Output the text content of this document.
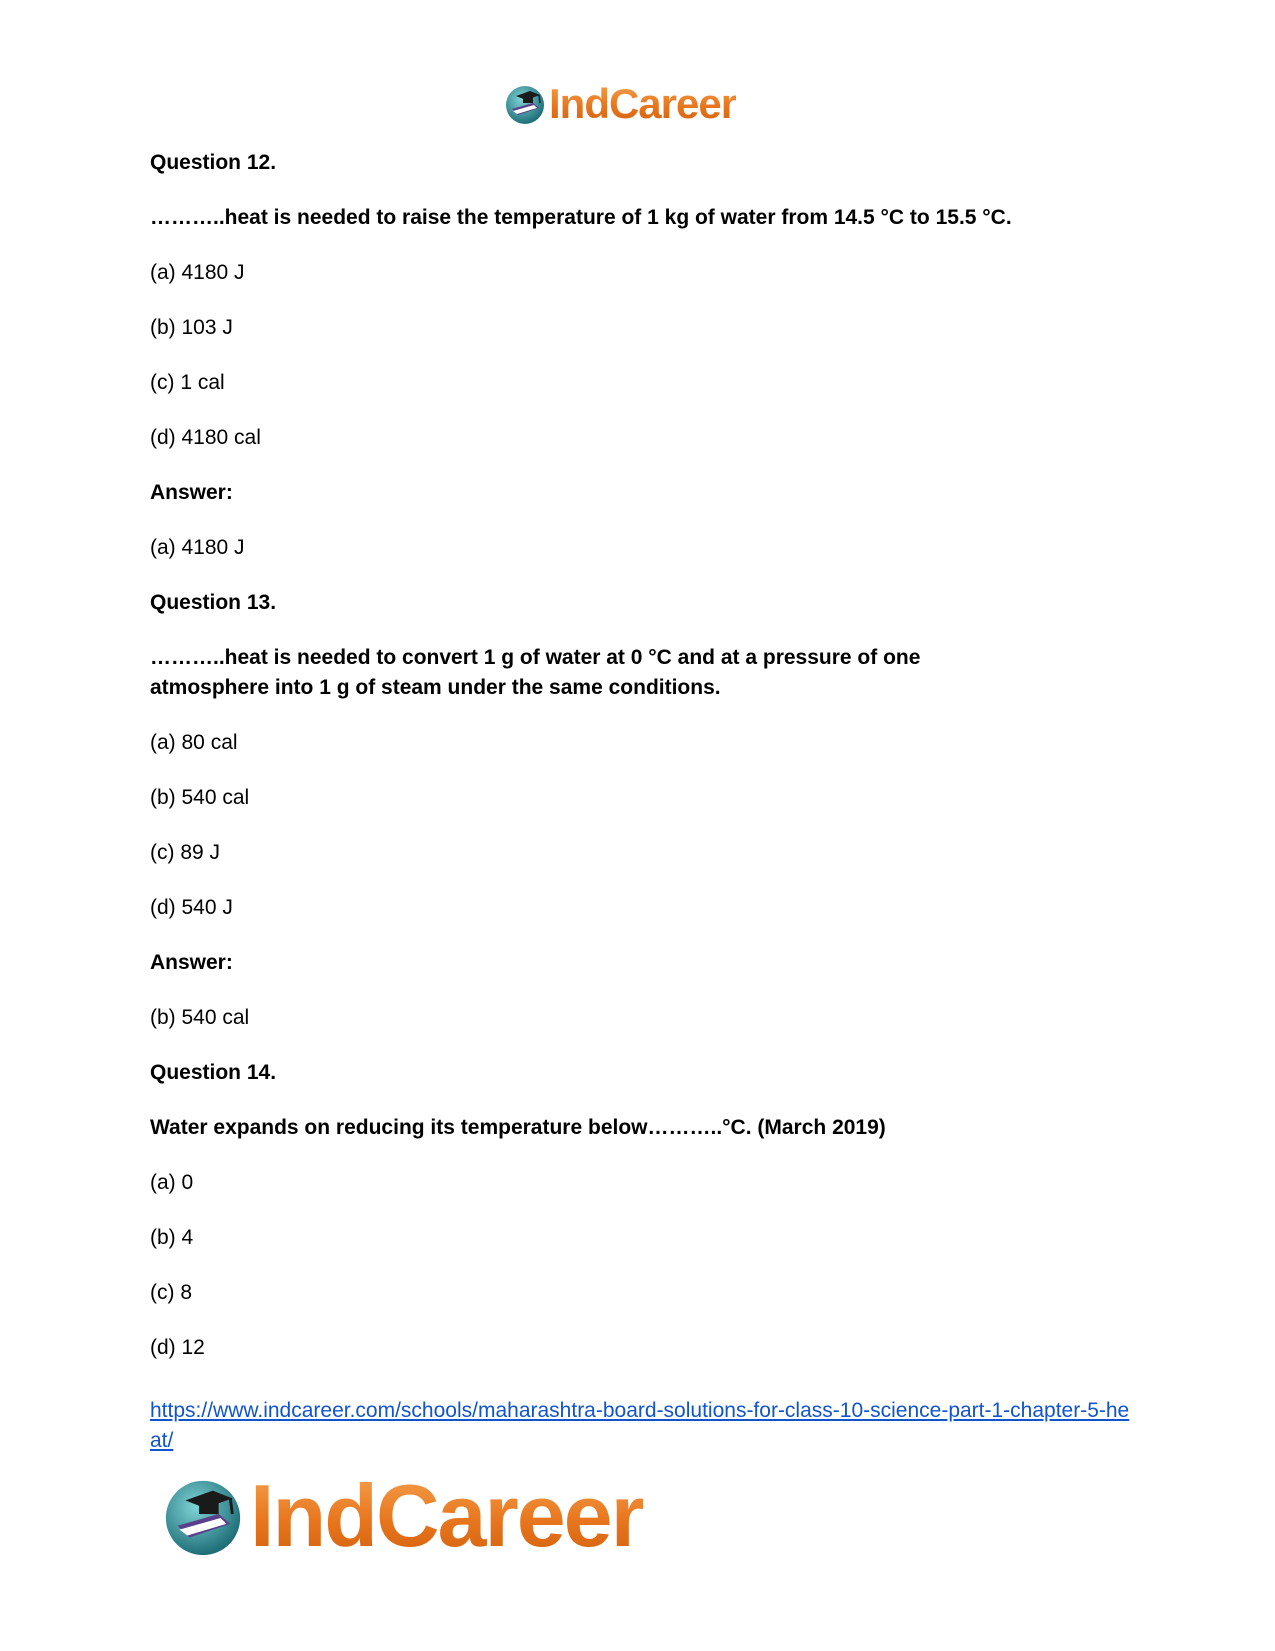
IndCareer
Question 12.
………..heat is needed to raise the temperature of 1 kg of water from 14.5 °C to 15.5 °C.
(a) 4180 J
(b) 103 J
(c) 1 cal
(d) 4180 cal
Answer:
(a) 4180 J
Question 13.
………..heat is needed to convert 1 g of water at 0 °C and at a pressure of one atmosphere into 1 g of steam under the same conditions.
(a) 80 cal
(b) 540 cal
(c) 89 J
(d) 540 J
Answer:
(b) 540 cal
Question 14.
Water expands on reducing its temperature below………..°C. (March 2019)
(a) 0
(b) 4
(c) 8
(d) 12
https://www.indcareer.com/schools/maharashtra-board-solutions-for-class-10-science-part-1-chapter-5-heat/
IndCareer
